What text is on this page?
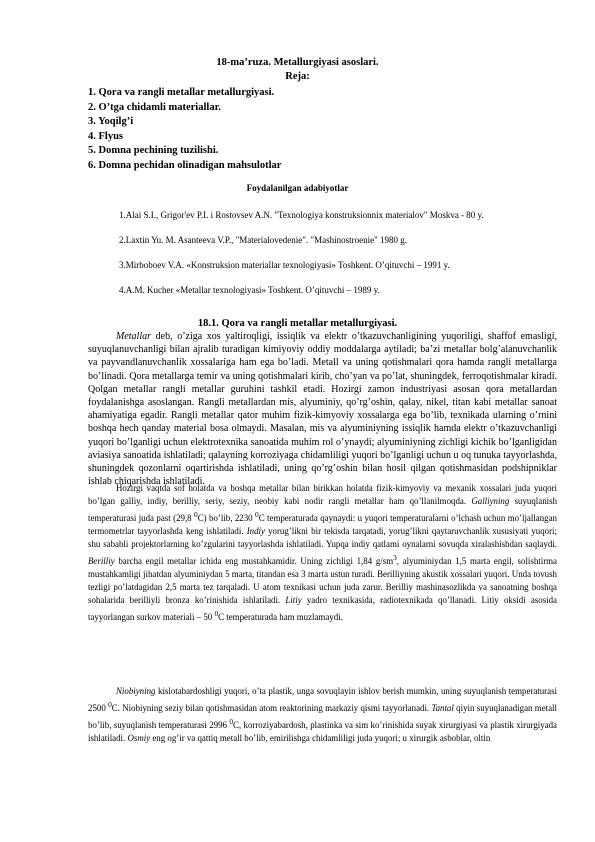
18-ma’ruza. Metallurgiyasi asoslari.
Reja:
1. Qora va rangli metallar metallurgiyasi.
2. O’tga chidamli materiallar.
3. Yoqilg’i
4. Flyus
5. Domna pechining tuzilishi.
6. Domna pechidan olinadigan mahsulotlar
Foydalanilgan adabiyotlar

1.Alai S.I., Grigor'ev P.I. i Rostovsev A.N. "Texnologiya konstruksionnix materialov" Moskva - 80 y.

2.Laxtin Yu. M. Asanteeva V.P., "Materialovedenie". "Mashinostroenie" 1980 g.

3.Mirboboev V.A. «Konstruksion materiallar texnologiyasi» Toshkent. O’qituvchi – 1991 y.

4.A.M. Kucher «Metallar texnologiyasi» Toshkent. O’qituvchi – 1989 y.

18.1. Qora va rangli metallar metallurgiyasi.

Metallar deb, o’ziga xos yaltiroqligi, issiqlik va elektr o’tkazuvchanligining yuqoriligi, shaffof emasligi, suyuqlanuvchanligi bilan ajralib turadigan kimiyoviy oddiy moddalarga aytiladi; ba’zi metallar bolg’alanuvchanlik va payvandlanuvchanlik xossalariga ham ega bo’ladi. Metall va uning qotishmalari qora hamda rangli metallarga bo’linadi. Qora metallarga temir va uning qotishmalari kirib, cho’yan va po’lat, shuningdek, ferroqotishmalar kiradi. Qolgan metallar rangli metallar guruhini tashkil etadi. Hozirgi zamon industriyasi asosan qora metallardan foydalanishga asoslangan. Rangli metallardan mis, alyuminiy, qo’rg’oshin, qalay, nikel, titan kabi metallar sanoat ahamiyatiga egadir. Rangli metallar qator muhim fizik-kimyoviy xossalarga ega bo’lib, texnikada ularning o’rnini boshqa hech qanday material bosa olmaydi. Masalan, mis va alyuminiyning issiqlik hamda elektr o’tkazuvchanligi yuqori bo’lganligi uchun elektrotexnika sanoatida muhim rol o’ynaydi; alyuminiyning zichligi kichik bo’lganligidan aviasiya sanoatida ishlatiladi; qalayning korroziyaga chidamliligi yuqori bo’lganligi uchun u oq tunuka tayyorlashda, shuningdek qozonlarni oqartirishda ishlatiladi, uning qo’rg’oshin bilan hosil qilgan qotishmasidan podshipniklar ishlab chiqarishda ishlatiladi.

Hozirgi vaqtda sof holatda va boshqa metallar bilan birikkan holatda fizik-kimyoviy va mexanik xossalari juda yuqori bo’lgan galliy, indiy, berilliy, seriy, seziy, neobiy kabi nodir rangli metallar ham qo’llanilmoqda. Galliyning suyuqlanish temperaturasi juda past (29,8 $^0$C) bo’lib, 2230 $^0$C temperaturada qaynaydi: u yuqori temperaturalarni o’lchash uchun mo’ljallangan termometrlar tayyorlashda keng ishlatiladi. Indiy yorug’likni bir tekisda tarqatadi, yorug’likni qaytaruvchanlik xususiyati yuqori; shu sababli projektorlarning ko’zgularini tayyorlashda ishlatiladi. Yupqa indiy qatlami oynalarni sovuqda xiralashishdan saqlaydi. Berilliy barcha engil metallar ichida eng mustahkamidir. Uning zichligi 1,84 $g/sm^3$, alyuminiydan 1,5 marta engil, solishtirma mustahkamligi jihatdan alyuminiydan 5 marta, titandan esa 3 marta ustun turadi. Berilliyning akustik xossalari yuqori. Unda tovush tezligi po’latdagidan 2,5 marta tez tarqaladi. U atom texnikasi uchun juda zarur. Berilliy mashinasozlikda va sanoatning boshqa sohalarida berilliyli bronza ko’rinishida ishlatiladi. Litiy yadro texnikasida, radiotexnikada qo’llanadi. Litiy oksidi asosida tayyorlangan surkov materiali – 50 $^0$C temperaturada ham muzlamaydi.

Niobiyning kislotabardoshligi yuqori, o’ta plastik, unga sovuqlayin ishlov berish mumkin, uning suyuqlanish temperaturasi 2500 $^0$C. Niobiyning seziy bilan qotishmasidan atom reaktorining markaziy qismi tayyorlanadi. Tantal qiyin suyuqlanadigan metall bo’lib, suyuqlanish temperaturasi 2996 $^0$C, korroziyabardosh, plastinka va sim ko’rinishida suyak xirurgiyasi va plastik xirurgiyada ishlatiladi. Osmiy eng og’ir va qattiq metall bo’lib, emirilishga chidamliligi juda yuqori; u xirurgik asboblar, oltin
